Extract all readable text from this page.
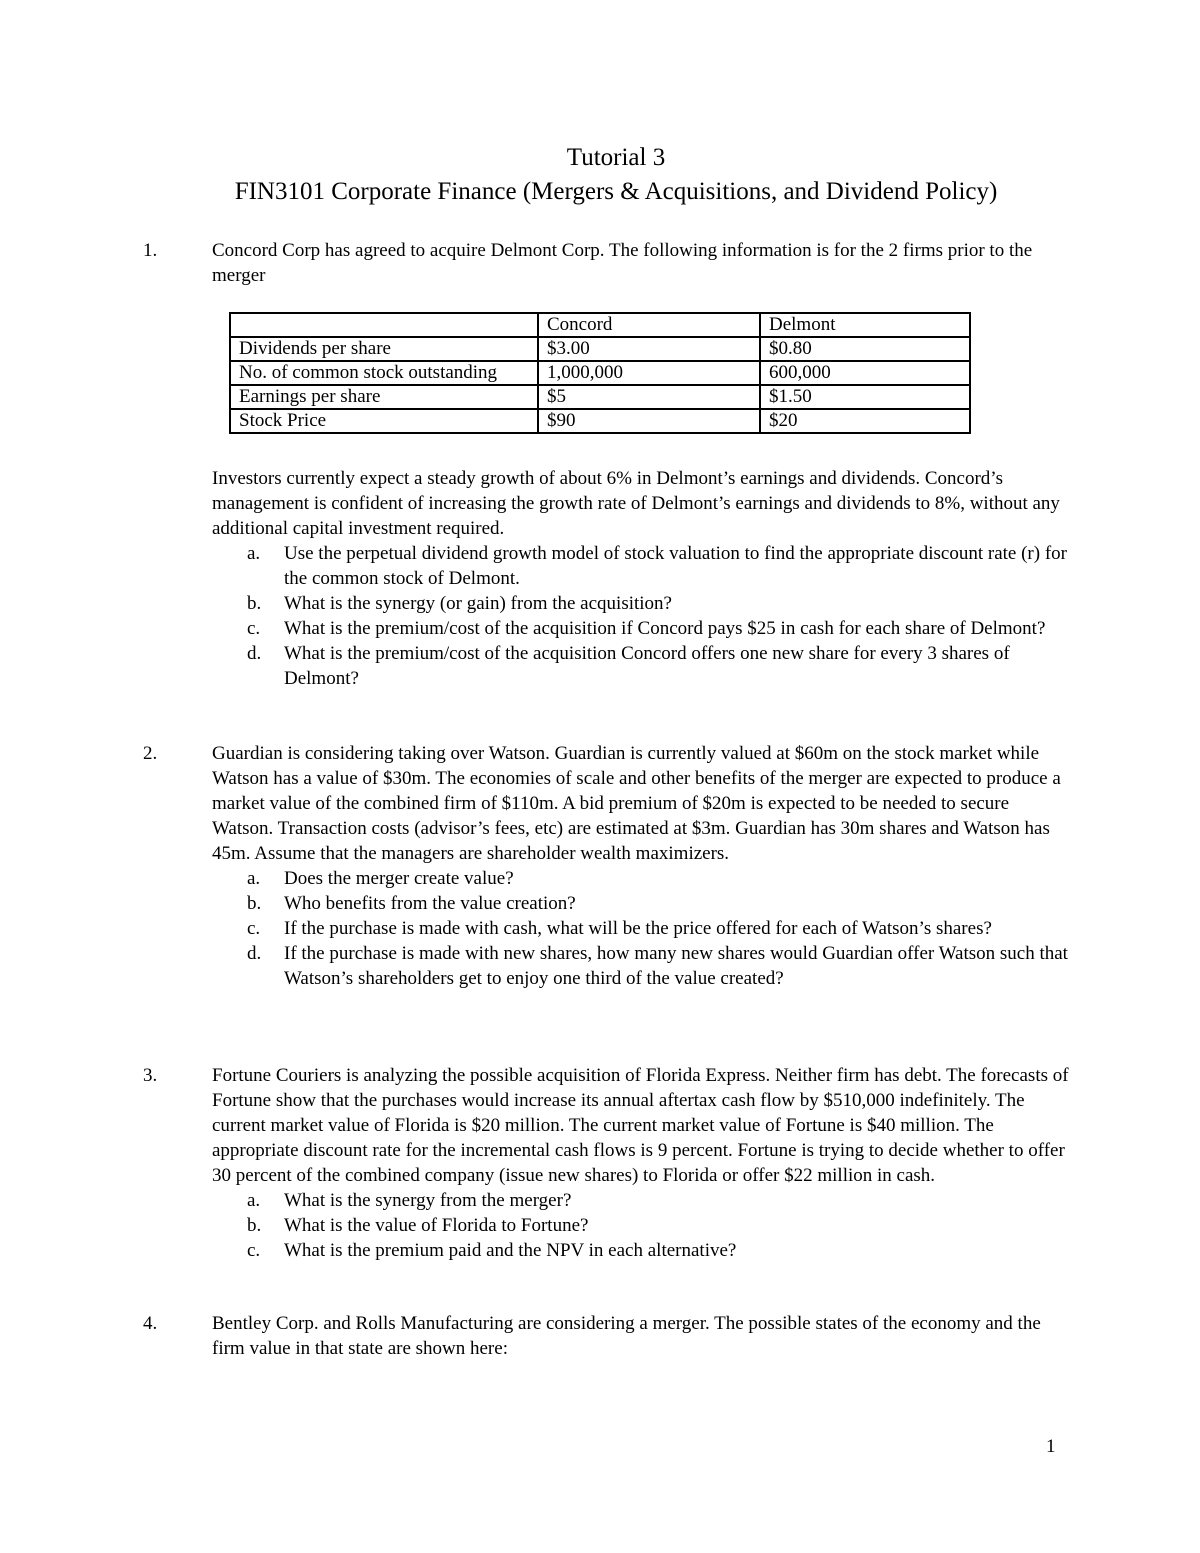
Tutorial 3
FIN3101 Corporate Finance (Mergers & Acquisitions, and Dividend Policy)
1.	Concord Corp has agreed to acquire Delmont Corp. The following information is for the 2 firms prior to the merger

	Concord	Delmont
Dividends per share	$3.00	$0.80
No. of common stock outstanding	1,000,000	600,000
Earnings per share	$5	$1.50
Stock Price	$90	$20

Investors currently expect a steady growth of about 6% in Delmont’s earnings and dividends. Concord’s management is confident of increasing the growth rate of Delmont’s earnings and dividends to 8%, without any additional capital investment required.

a. Use the perpetual dividend growth model of stock valuation to find the appropriate discount rate (r) for the common stock of Delmont.
b. What is the synergy (or gain) from the acquisition?
c. What is the premium/cost of the acquisition if Concord pays $25 in cash for each share of Delmont?
d. What is the premium/cost of the acquisition Concord offers one new share for every 3 shares of Delmont?
2.	Guardian is considering taking over Watson. Guardian is currently valued at $60m on the stock market while Watson has a value of $30m. The economies of scale and other benefits of the merger are expected to produce a market value of the combined firm of $110m. A bid premium of $20m is expected to be needed to secure Watson. Transaction costs (advisor’s fees, etc) are estimated at $3m. Guardian has 30m shares and Watson has 45m. Assume that the managers are shareholder wealth maximizers.

a. Does the merger create value?
b. Who benefits from the value creation?
c. If the purchase is made with cash, what will be the price offered for each of Watson’s shares?
d. If the purchase is made with new shares, how many new shares would Guardian offer Watson such that Watson’s shareholders get to enjoy one third of the value created?
3.	Fortune Couriers is analyzing the possible acquisition of Florida Express. Neither firm has debt. The forecasts of Fortune show that the purchases would increase its annual aftertax cash flow by $510,000 indefinitely. The current market value of Florida is $20 million. The current market value of Fortune is $40 million. The appropriate discount rate for the incremental cash flows is 9 percent. Fortune is trying to decide whether to offer 30 percent of the combined company (issue new shares) to Florida or offer $22 million in cash.

a. What is the synergy from the merger?
b. What is the value of Florida to Fortune?
c. What is the premium paid and the NPV in each alternative?
4.	Bentley Corp. and Rolls Manufacturing are considering a merger. The possible states of the economy and the firm value in that state are shown here:

1
